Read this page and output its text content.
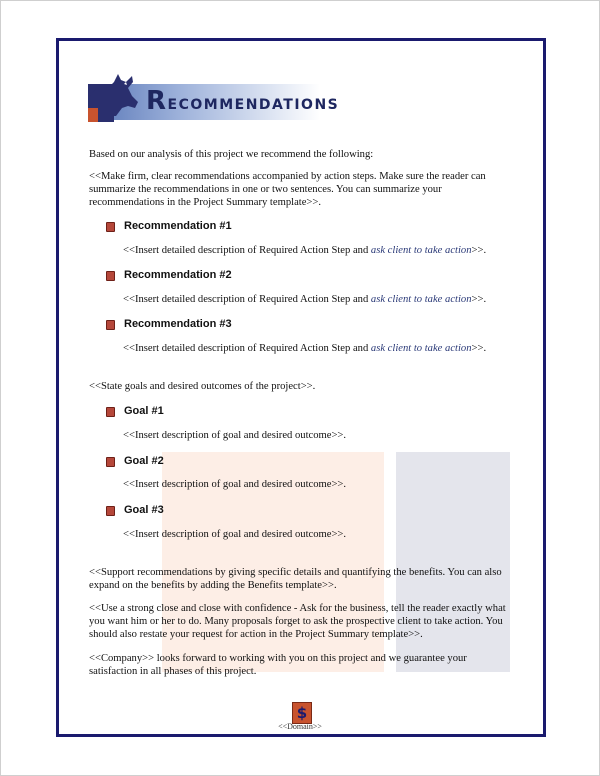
Recommendations

Based on our analysis of this project we recommend the following:

<<Make firm, clear recommendations accompanied by action steps. Make sure the reader can summarize the recommendations in one or two sentences. You can summarize your recommendations in the Project Summary template>>.

Recommendation #1
<<Insert detailed description of Required Action Step and ask client to take action>>.
Recommendation #2
<<Insert detailed description of Required Action Step and ask client to take action>>.
Recommendation #3
<<Insert detailed description of Required Action Step and ask client to take action>>.

<<State goals and desired outcomes of the project>>.

Goal #1
<<Insert description of goal and desired outcome>>.
Goal #2
<<Insert description of goal and desired outcome>>.
Goal #3
<<Insert description of goal and desired outcome>>.

<<Support recommendations by giving specific details and quantifying the benefits. You can also expand on the benefits by adding the Benefits template>>.

<<Use a strong close and close with confidence - Ask for the business, tell the reader exactly what you want him or her to do. Many proposals forget to ask the prospective client to take action. You should also restate your request for action in the Project Summary template>>.

<<Company>> looks forward to working with you on this project and we guarantee your satisfaction in all phases of this project.

$
<<Domain>>
